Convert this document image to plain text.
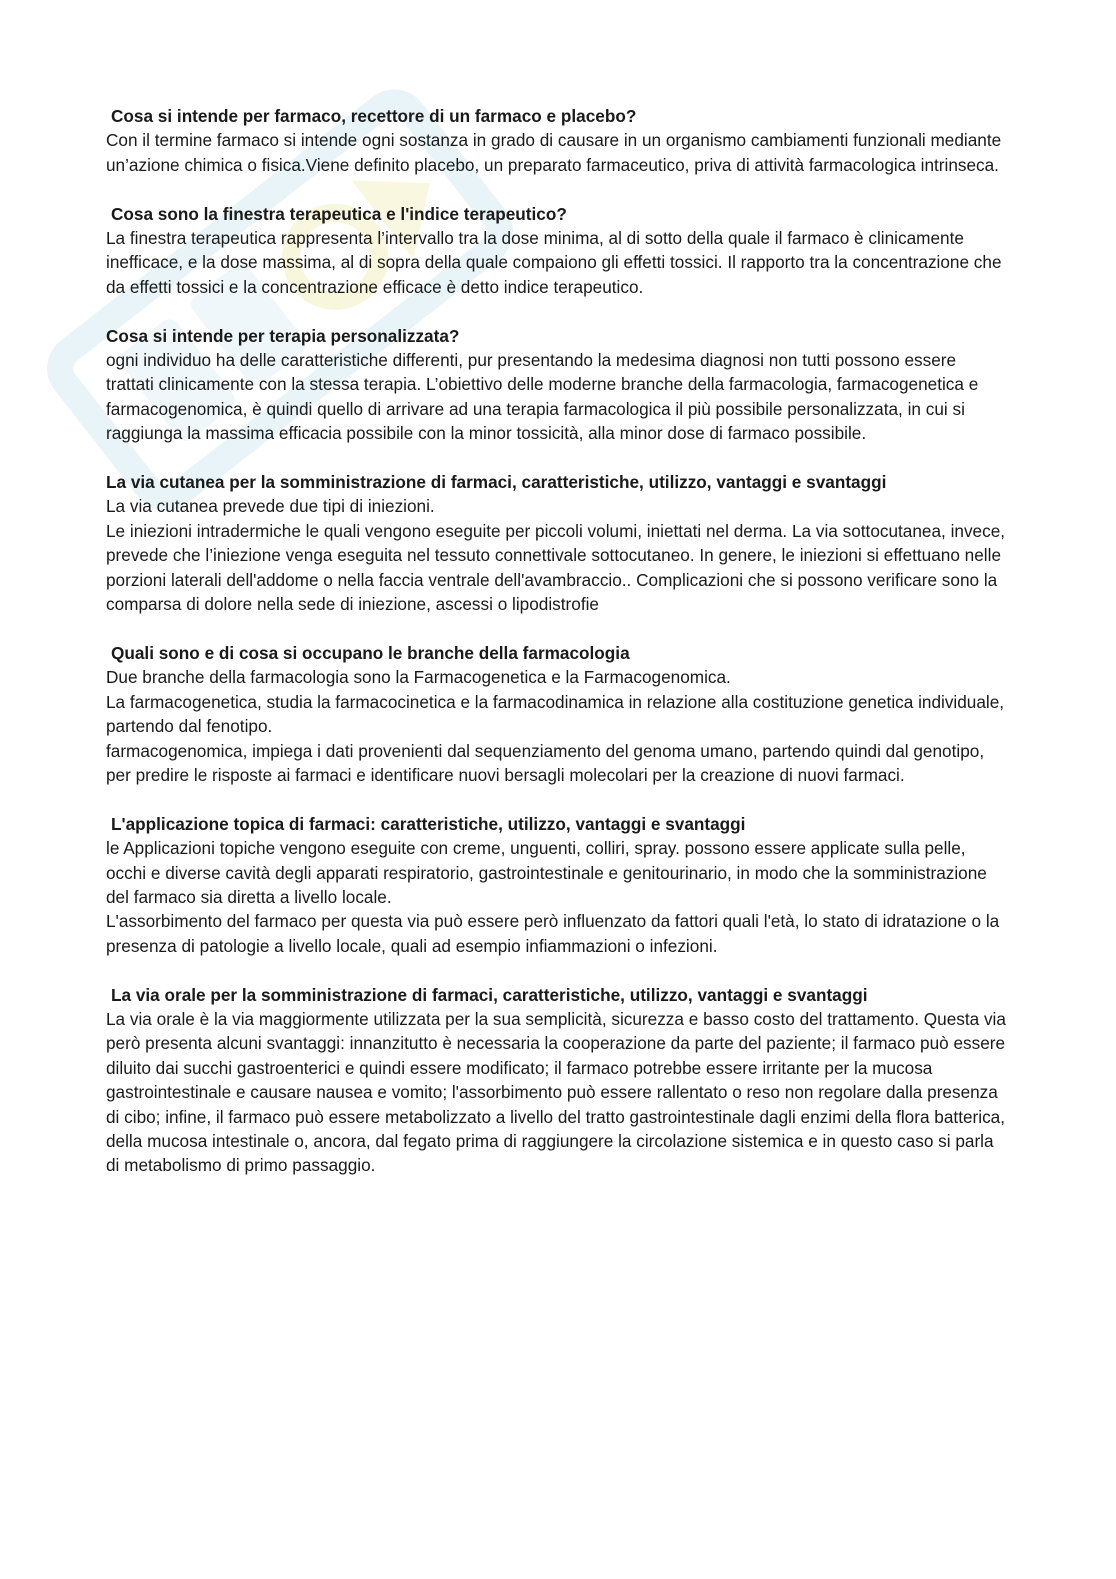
Cosa si intende per farmaco, recettore di un farmaco e placebo?

Con il termine farmaco si intende ogni sostanza in grado di causare in un organismo cambiamenti funzionali mediante un’azione chimica o fisica.Viene definito placebo, un preparato farmaceutico, priva di attività farmacologica intrinseca.

Cosa sono la finestra terapeutica e l'indice terapeutico?

La finestra terapeutica rappresenta l’intervallo tra la dose minima, al di sotto della quale il farmaco è clinicamente inefficace, e la dose massima, al di sopra della quale compaiono gli effetti tossici. Il rapporto tra la concentrazione che da effetti tossici e la concentrazione efficace è detto indice terapeutico.

Cosa si intende per terapia personalizzata?

ogni individuo ha delle caratteristiche differenti, pur presentando la medesima diagnosi non tutti possono essere trattati clinicamente con la stessa terapia. L’obiettivo delle moderne branche della farmacologia, farmacogenetica e farmacogenomica, è quindi quello di arrivare ad una terapia farmacologica il più possibile personalizzata, in cui si raggiunga la massima efficacia possibile con la minor tossicità, alla minor dose di farmaco possibile.

La via cutanea per la somministrazione di farmaci, caratteristiche, utilizzo, vantaggi e svantaggi

La via cutanea prevede due tipi di iniezioni.

Le iniezioni intradermiche le quali vengono eseguite per piccoli volumi, iniettati nel derma. La via sottocutanea, invece, prevede che l’iniezione venga eseguita nel tessuto connettivale sottocutaneo. In genere, le iniezioni si effettuano nelle porzioni laterali dell'addome o nella faccia ventrale dell'avambraccio.. Complicazioni che si possono verificare sono la comparsa di dolore nella sede di iniezione, ascessi o lipodistrofie

Quali sono e di cosa si occupano le branche della farmacologia

Due branche della farmacologia sono la Farmacogenetica e la Farmacogenomica.

La farmacogenetica, studia la farmacocinetica e la farmacodinamica in relazione alla costituzione genetica individuale, partendo dal fenotipo.

farmacogenomica, impiega i dati provenienti dal sequenziamento del genoma umano, partendo quindi dal genotipo, per predire le risposte ai farmaci e identificare nuovi bersagli molecolari per la creazione di nuovi farmaci.

L'applicazione topica di farmaci: caratteristiche, utilizzo, vantaggi e svantaggi

le Applicazioni topiche vengono eseguite con creme, unguenti, colliri, spray. possono essere applicate sulla pelle, occhi e diverse cavità degli apparati respiratorio, gastrointestinale e genitourinario, in modo che la somministrazione del farmaco sia diretta a livello locale.

L'assorbimento del farmaco per questa via può essere però influenzato da fattori quali l'età, lo stato di idratazione o la presenza di patologie a livello locale, quali ad esempio infiammazioni o infezioni.

La via orale per la somministrazione di farmaci, caratteristiche, utilizzo, vantaggi e svantaggi

La via orale è la via maggiormente utilizzata per la sua semplicità, sicurezza e basso costo del trattamento. Questa via però presenta alcuni svantaggi: innanzitutto è necessaria la cooperazione da parte del paziente; il farmaco può essere diluito dai succhi gastroenterici e quindi essere modificato; il farmaco potrebbe essere irritante per la mucosa gastrointestinale e causare nausea e vomito; l'assorbimento può essere rallentato o reso non regolare dalla presenza di cibo; infine, il farmaco può essere metabolizzato a livello del tratto gastrointestinale dagli enzimi della flora batterica, della mucosa intestinale o, ancora, dal fegato prima di raggiungere la circolazione sistemica e in questo caso si parla di metabolismo di primo passaggio.
